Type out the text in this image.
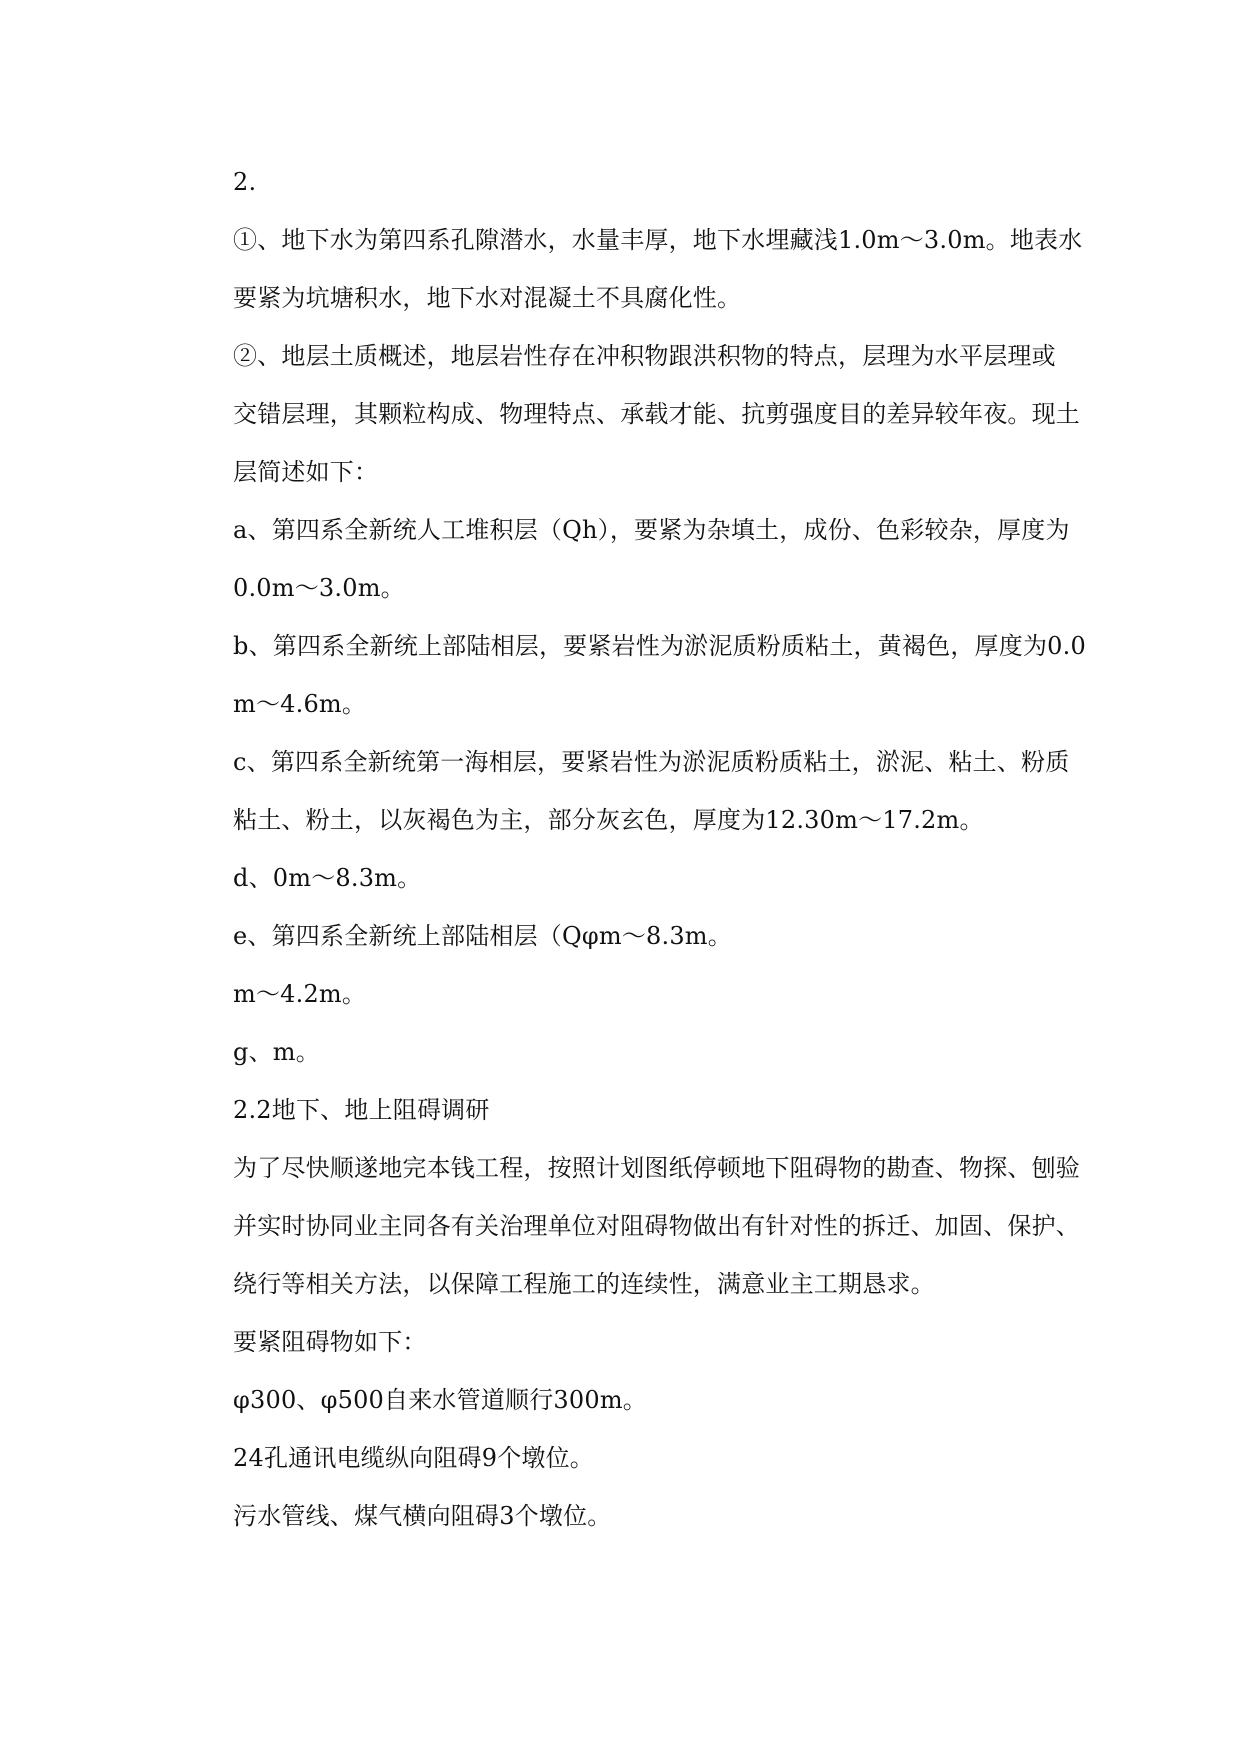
2.
①、地下水为第四系孔隙潜水，水量丰厚，地下水埋藏浅1.0m～3.0m。地表水
要紧为坑塘积水，地下水对混凝土不具腐化性。
②、地层土质概述，地层岩性存在冲积物跟洪积物的特点，层理为水平层理或
交错层理，其颗粒构成、物理特点、承载才能、抗剪强度目的差异较年夜。现土
层简述如下：
a、第四系全新统人工堆积层（Qh），要紧为杂填土，成份、色彩较杂，厚度为
0.0m～3.0m。
b、第四系全新统上部陆相层，要紧岩性为淤泥质粉质粘土，黄褐色，厚度为0.0
m～4.6m。
c、第四系全新统第一海相层，要紧岩性为淤泥质粉质粘土，淤泥、粘土、粉质
粘土、粉土，以灰褐色为主，部分灰玄色，厚度为12.30m～17.2m。
d、0m～8.3m。
e、第四系全新统上部陆相层（Qφm～8.3m。
m～4.2m。
g、m。
2.2地下、地上阻碍调研
为了尽快顺遂地完本钱工程，按照计划图纸停顿地下阻碍物的勘查、物探、刨验
并实时协同业主同各有关治理单位对阻碍物做出有针对性的拆迁、加固、保护、
绕行等相关方法，以保障工程施工的连续性，满意业主工期恳求。
要紧阻碍物如下：
φ300、φ500自来水管道顺行300m。
24孔通讯电缆纵向阻碍9个墩位。
污水管线、煤气横向阻碍3个墩位。
